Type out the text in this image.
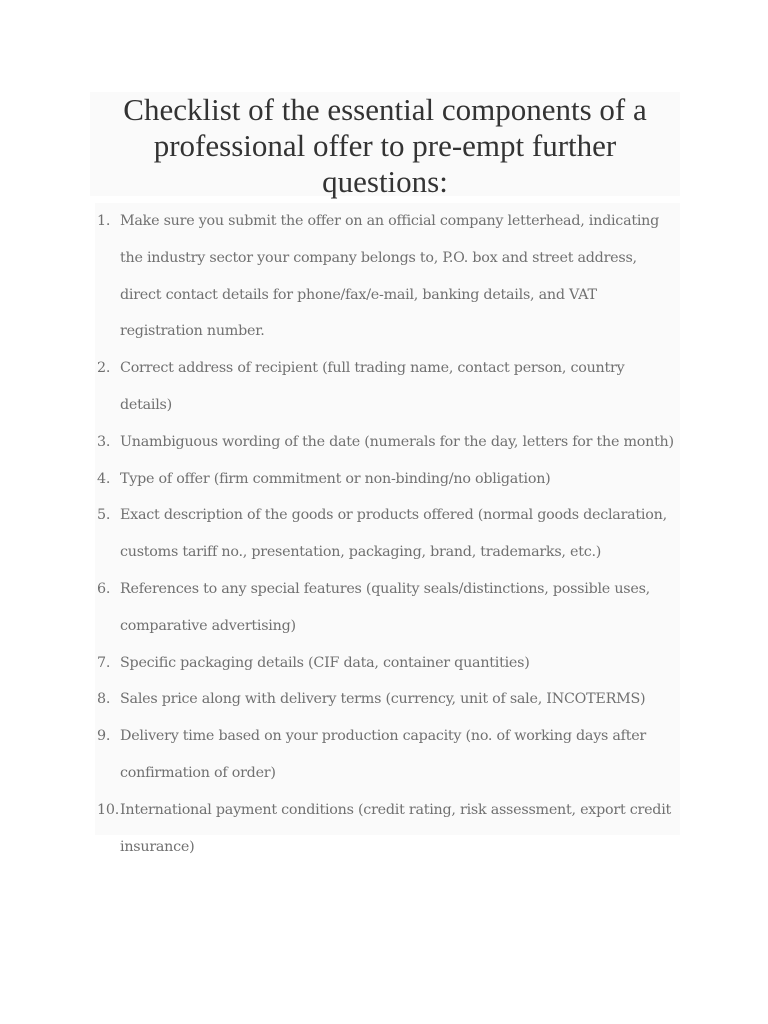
Checklist of the essential components of a professional offer to pre-empt further questions:
1. Make sure you submit the offer on an official company letterhead, indicating the industry sector your company belongs to, P.O. box and street address, direct contact details for phone/fax/e-mail, banking details, and VAT registration number.
2. Correct address of recipient (full trading name, contact person, country details)
3. Unambiguous wording of the date (numerals for the day, letters for the month)
4. Type of offer (firm commitment or non-binding/no obligation)
5. Exact description of the goods or products offered (normal goods declaration, customs tariff no., presentation, packaging, brand, trademarks, etc.)
6. References to any special features (quality seals/distinctions, possible uses, comparative advertising)
7. Specific packaging details (CIF data, container quantities)
8. Sales price along with delivery terms (currency, unit of sale, INCOTERMS)
9. Delivery time based on your production capacity (no. of working days after confirmation of order)
10. International payment conditions (credit rating, risk assessment, export credit insurance)
